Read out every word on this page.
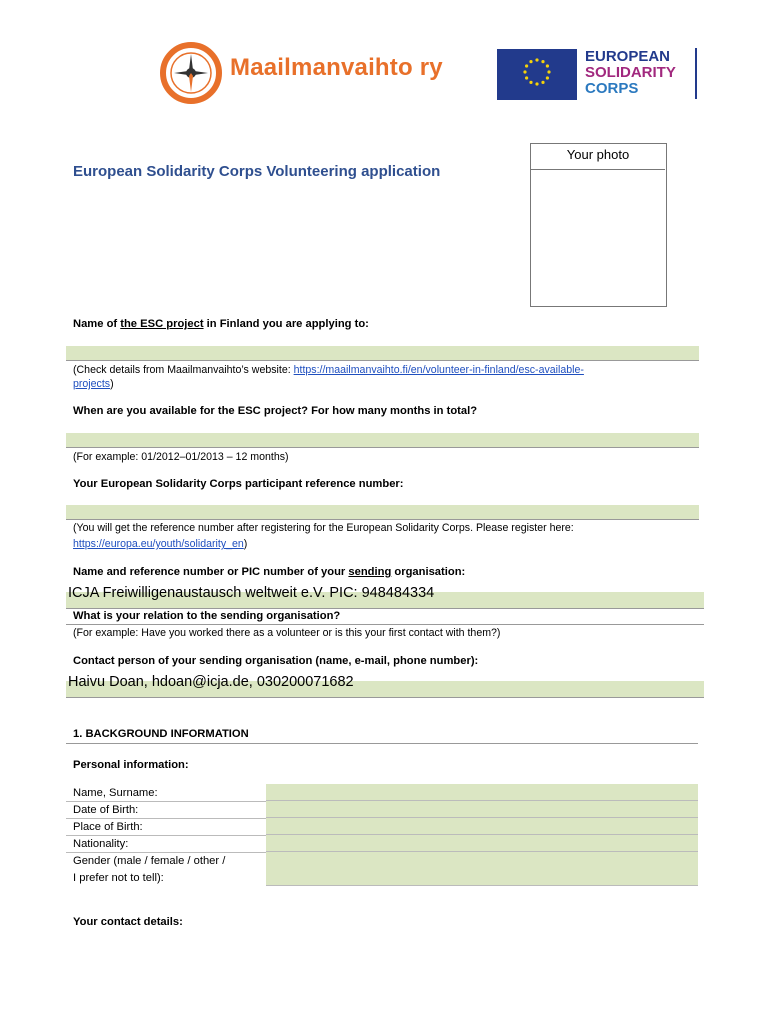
Maailmanvaihto ry	EUROPEAN
SOLIDARITY
CORPS
European Solidarity Corps Volunteering application
Your photo
Name of the ESC project in Finland you are applying to:
(Check details from Maailmanvaihto’s website: https://maailmanvaihto.fi/en/volunteer-in-finland/esc-available-
projects)
When are you available for the ESC project? For how many months in total?
(For example: 01/2012–01/2013 – 12 months)
Your European Solidarity Corps participant reference number:
(You will get the reference number after registering for the European Solidarity Corps. Please register here:
https://europa.eu/youth/solidarity_en)
Name and reference number or PIC number of your sending organisation:
ICJA Freiwilligenaustausch weltweit e.V. PIC: 948484334
What is your relation to the sending organisation?
(For example: Have you worked there as a volunteer or is this your first contact with them?)
Contact person of your sending organisation (name, e-mail, phone number):
Haivu Doan, hdoan@icja.de, 030200071682
1. BACKGROUND INFORMATION
Personal information:
Name, Surname:
Date of Birth:
Place of Birth:
Nationality:
Gender (male / female / other /
I prefer not to tell):
Your contact details:
